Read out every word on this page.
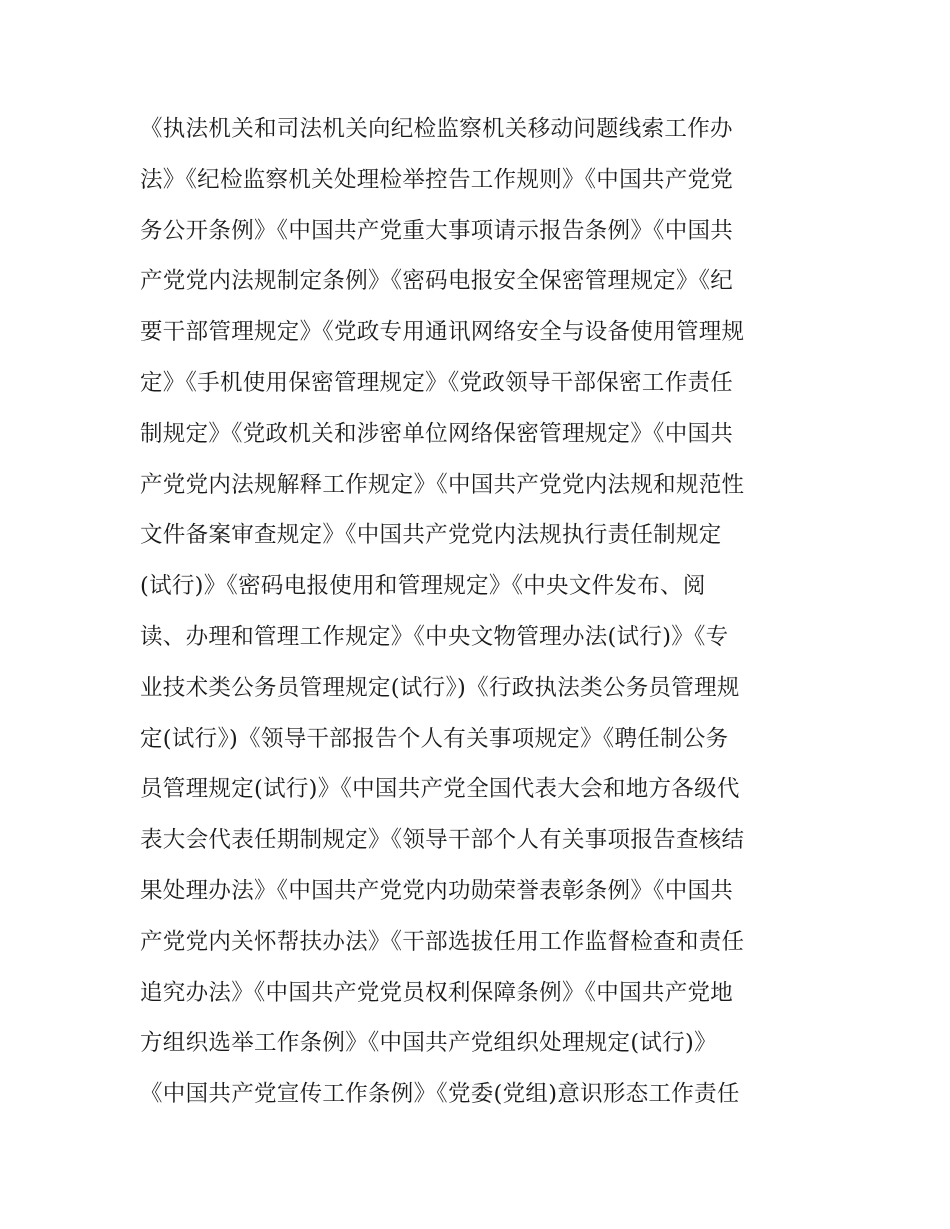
《执法机关和司法机关向纪检监察机关移动问题线索工作办
法》《纪检监察机关处理检举控告工作规则》《中国共产党党
务公开条例》《中国共产党重大事项请示报告条例》《中国共
产党党内法规制定条例》《密码电报安全保密管理规定》《纪
要干部管理规定》《党政专用通讯网络安全与设备使用管理规
定》《手机使用保密管理规定》《党政领导干部保密工作责任
制规定》《党政机关和涉密单位网络保密管理规定》《中国共
产党党内法规解释工作规定》《中国共产党党内法规和规范性
文件备案审查规定》《中国共产党党内法规执行责任制规定
(试行)》《密码电报使用和管理规定》《中央文件发布、阅
读、办理和管理工作规定》《中央文物管理办法(试行)》《专
业技术类公务员管理规定(试行》)《行政执法类公务员管理规
定(试行》)《领导干部报告个人有关事项规定》《聘任制公务
员管理规定(试行)》《中国共产党全国代表大会和地方各级代
表大会代表任期制规定》《领导干部个人有关事项报告查核结
果处理办法》《中国共产党党内功勋荣誉表彰条例》《中国共
产党党内关怀帮扶办法》《干部选拔任用工作监督检查和责任
追究办法》《中国共产党党员权利保障条例》《中国共产党地
方组织选举工作条例》《中国共产党组织处理规定(试行)》
《中国共产党宣传工作条例》《党委(党组)意识形态工作责任
